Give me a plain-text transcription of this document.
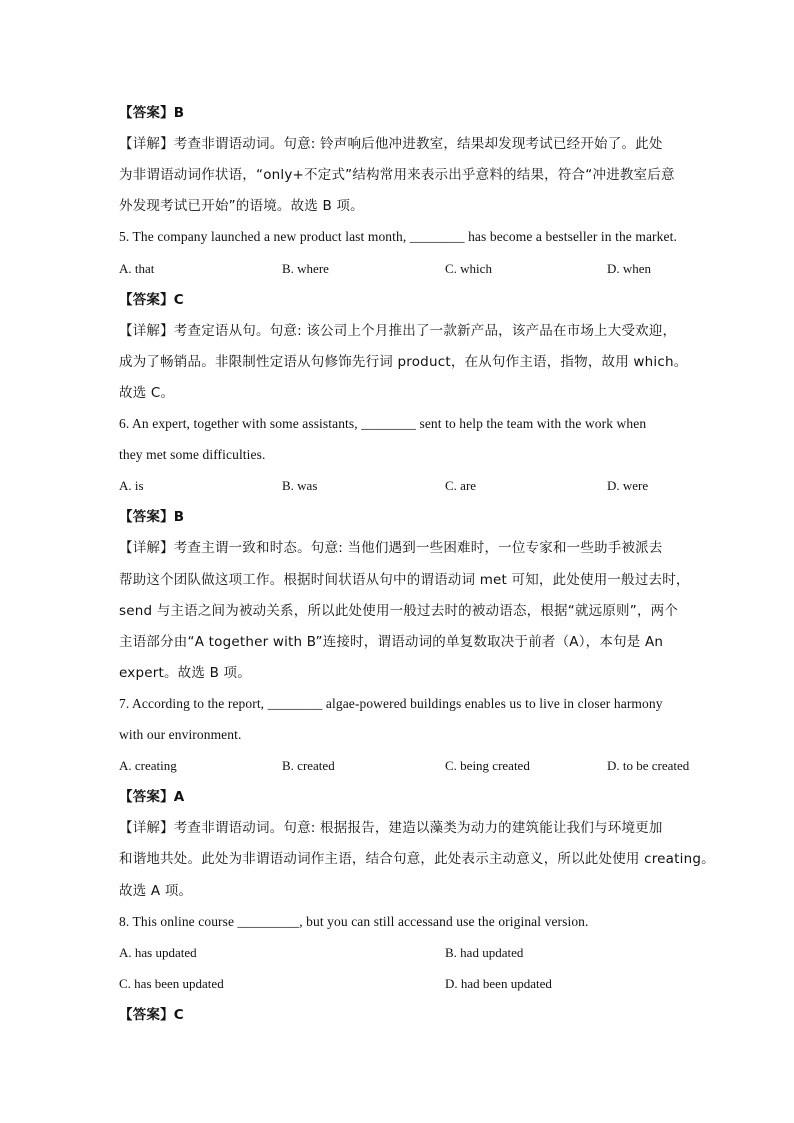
【答案】B
【详解】考查非谓语动词。句意: 铃声响后他冲进教室，结果却发现考试已经开始了。此处
为非谓语动词作状语，“only+不定式”结构常用来表示出乎意料的结果，符合“冲进教室后意
外发现考试已开始”的语境。故选 B 项。
5. The company launched a new product last month, ________ has become a bestseller in the market.
A. that	B. where	C. which	D. when
【答案】C
【详解】考查定语从句。句意: 该公司上个月推出了一款新产品，该产品在市场上大受欢迎，
成为了畅销品。非限制性定语从句修饰先行词 product，在从句作主语，指物，故用 which。
故选 C。
6. An expert, together with some assistants, ________ sent to help the team with the work when
they met some difficulties.
A. is	B. was	C. are	D. were
【答案】B
【详解】考查主谓一致和时态。句意: 当他们遇到一些困难时，一位专家和一些助手被派去
帮助这个团队做这项工作。根据时间状语从句中的谓语动词 met 可知，此处使用一般过去时，
send 与主语之间为被动关系，所以此处使用一般过去时的被动语态，根据“就远原则”，两个
主语部分由“A together with B”连接时，谓语动词的单复数取决于前者（A），本句是 An
expert。故选 B 项。
7. According to the report, ________ algae-powered buildings enables us to live in closer harmony
with our environment.
A. creating	B. created	C. being created	D. to be created
【答案】A
【详解】考查非谓语动词。句意: 根据报告，建造以藻类为动力的建筑能让我们与环境更加
和谐地共处。此处为非谓语动词作主语，结合句意，此处表示主动意义，所以此处使用 creating。
故选 A 项。
8. This online course _________, but you can still accessand use the original version.
A. has updated	B. had updated
C. has been updated	D. had been updated
【答案】C
